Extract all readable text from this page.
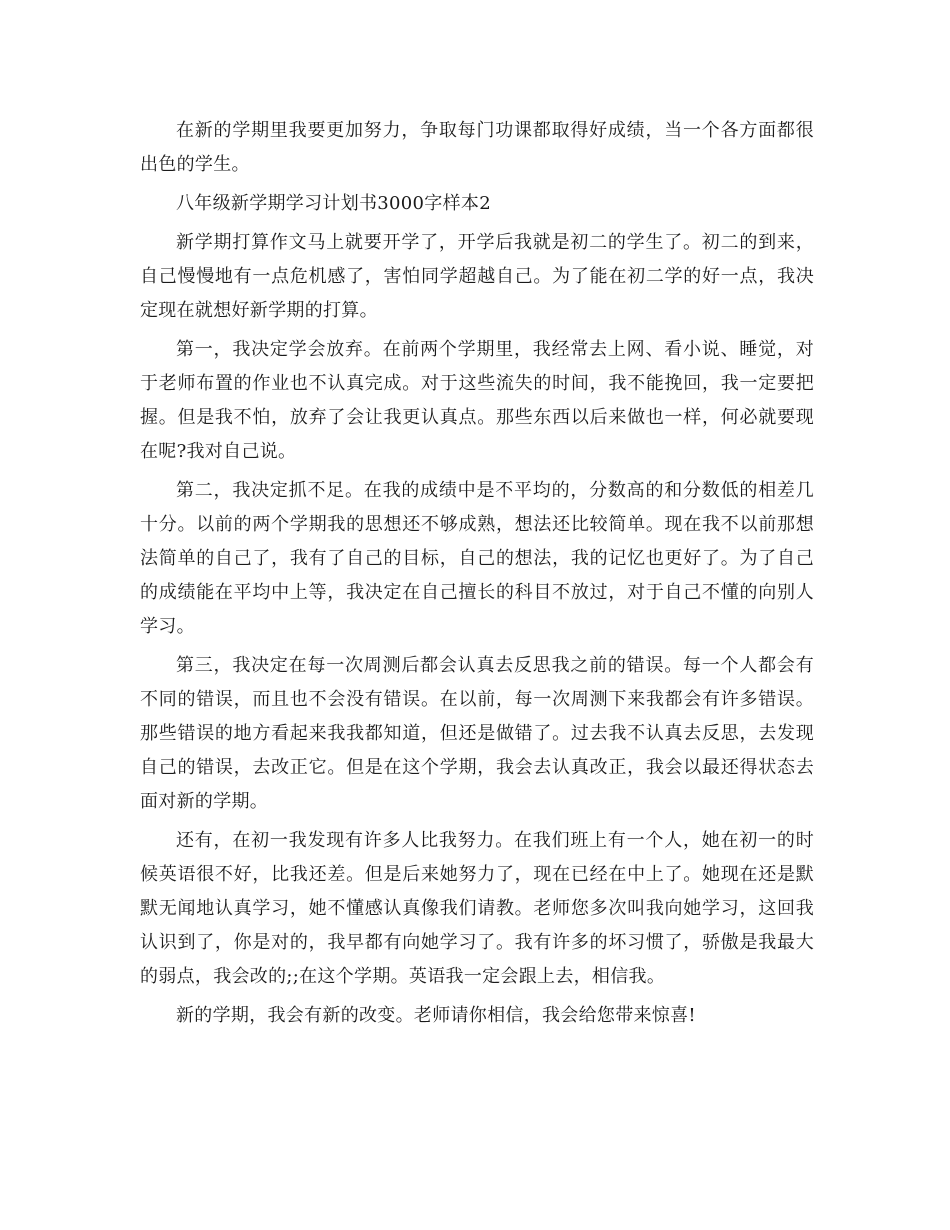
在新的学期里我要更加努力，争取每门功课都取得好成绩，当一个各方面都很出色的学生。

八年级新学期学习计划书3000字样本2

新学期打算作文马上就要开学了，开学后我就是初二的学生了。初二的到来，自己慢慢地有一点危机感了，害怕同学超越自己。为了能在初二学的好一点，我决定现在就想好新学期的打算。

第一，我决定学会放弃。在前两个学期里，我经常去上网、看小说、睡觉，对于老师布置的作业也不认真完成。对于这些流失的时间，我不能挽回，我一定要把握。但是我不怕，放弃了会让我更认真点。那些东西以后来做也一样，何必就要现在呢?我对自己说。

第二，我决定抓不足。在我的成绩中是不平均的，分数高的和分数低的相差几十分。以前的两个学期我的思想还不够成熟，想法还比较简单。现在我不以前那想法简单的自己了，我有了自己的目标，自己的想法，我的记忆也更好了。为了自己的成绩能在平均中上等，我决定在自己擅长的科目不放过，对于自己不懂的向别人学习。

第三，我决定在每一次周测后都会认真去反思我之前的错误。每一个人都会有不同的错误，而且也不会没有错误。在以前，每一次周测下来我都会有许多错误。那些错误的地方看起来我我都知道，但还是做错了。过去我不认真去反思，去发现自己的错误，去改正它。但是在这个学期，我会去认真改正，我会以最还得状态去面对新的学期。

还有，在初一我发现有许多人比我努力。在我们班上有一个人，她在初一的时候英语很不好，比我还差。但是后来她努力了，现在已经在中上了。她现在还是默默无闻地认真学习，她不懂感认真像我们请教。老师您多次叫我向她学习，这回我认识到了，你是对的，我早都有向她学习了。我有许多的坏习惯了，骄傲是我最大的弱点，我会改的;;在这个学期。英语我一定会跟上去，相信我。

新的学期，我会有新的改变。老师请你相信，我会给您带来惊喜!
